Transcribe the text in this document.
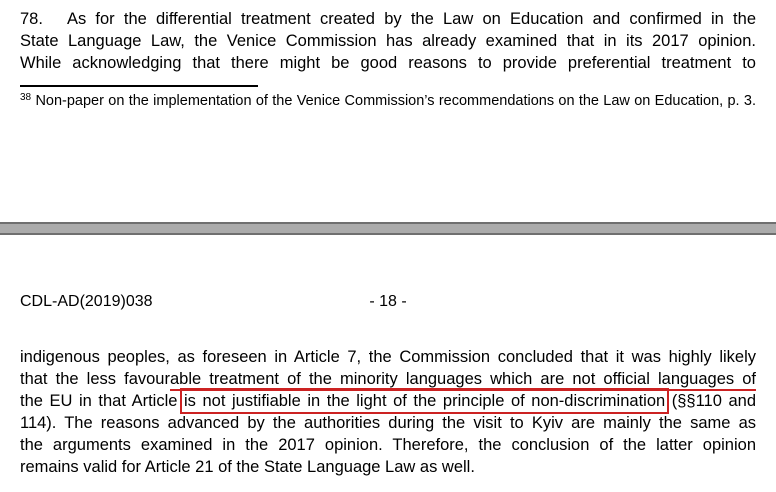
78. As for the differential treatment created by the Law on Education and confirmed in the
State Language Law, the Venice Commission has already examined that in its 2017 opinion.
While acknowledging that there might be good reasons to provide preferential treatment to
$^{38}$ Non-paper on the implementation of the Venice Commission’s recommendations on the Law on Education, p. 3.
CDL-AD(2019)038	- 18 -
indigenous peoples, as foreseen in Article 7, the Commission concluded that it was highly likely
that the less favourable treatment of the minority languages which are not official languages of
the EU in that Article is not justifiable in the light of the principle of non-discrimination (§§110 and
114). The reasons advanced by the authorities during the visit to Kyiv are mainly the same as
the arguments examined in the 2017 opinion. Therefore, the conclusion of the latter opinion
remains valid for Article 21 of the State Language Law as well.
